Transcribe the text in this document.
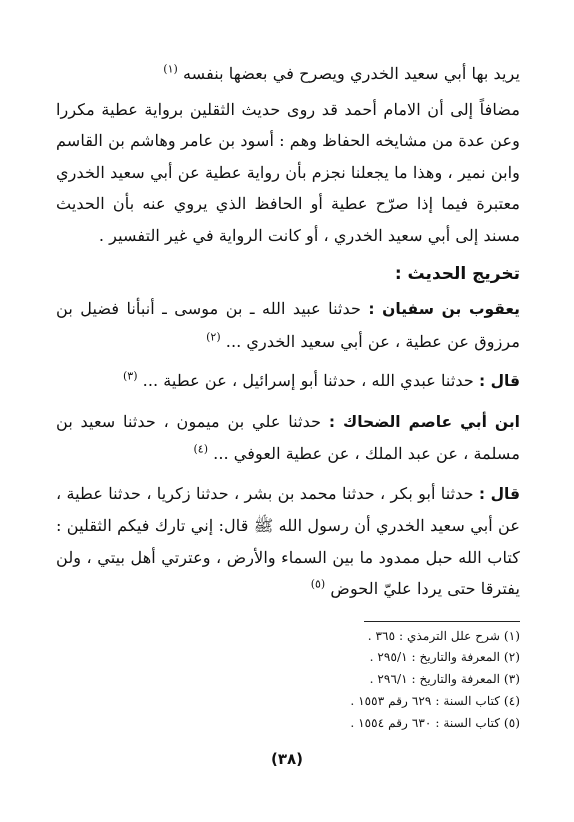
يريد بها أبي سعيد الخدري ويصرح في بعضها بنفسه $^{(١)}$

مضافاً إلى أن الامام أحمد قد روى حديث الثقلين برواية عطية مكررا وعن عدة من مشايخه الحفاظ وهم : أسود بن عامر وهاشم بن القاسم وابن نمير ، وهذا ما يجعلنا نجزم بأن رواية عطية عن أبي سعيد الخدري معتبرة فيما إذا صرّح عطية أو الحافظ الذي يروي عنه بأن الحديث مسند إلى أبي سعيد الخدري ، أو كانت الرواية في غير التفسير .

تخريج الحديث :

يعقوب بن سفيان : حدثنا عبيد الله ـ بن موسى ـ أنبأنا فضيل بن مرزوق عن عطية ، عن أبي سعيد الخدري ... $^{(٢)}$

قال : حدثنا عبدي الله ، حدثنا أبو إسرائيل ، عن عطية ... $^{(٣)}$

ابن أبي عاصم الضحاك : حدثنا علي بن ميمون ، حدثنا سعيد بن مسلمة ، عن عبد الملك ، عن عطية العوفي ... $^{(٤)}$

قال : حدثنا أبو بكر ، حدثنا محمد بن بشر ، حدثنا زكريا ، حدثنا عطية ، عن أبي سعيد الخدري أن رسول الله ﷺ قال: إني تارك فيكم الثقلين : كتاب الله حبل ممدود ما بين السماء والأرض ، وعترتي أهل بيتي ، ولن يفترقا حتى يردا عليّ الحوض $^{(٥)}$

(١) شرح علل الترمذي : ٣٦٥ .
(٢) المعرفة والتاريخ : ٢٩٥/١ .
(٣) المعرفة والتاريخ : ٢٩٦/١ .
(٤) كتاب السنة : ٦٢٩ رقم ١٥٥٣ .
(٥) كتاب السنة : ٦٣٠ رقم ١٥٥٤ .
(٣٨)
